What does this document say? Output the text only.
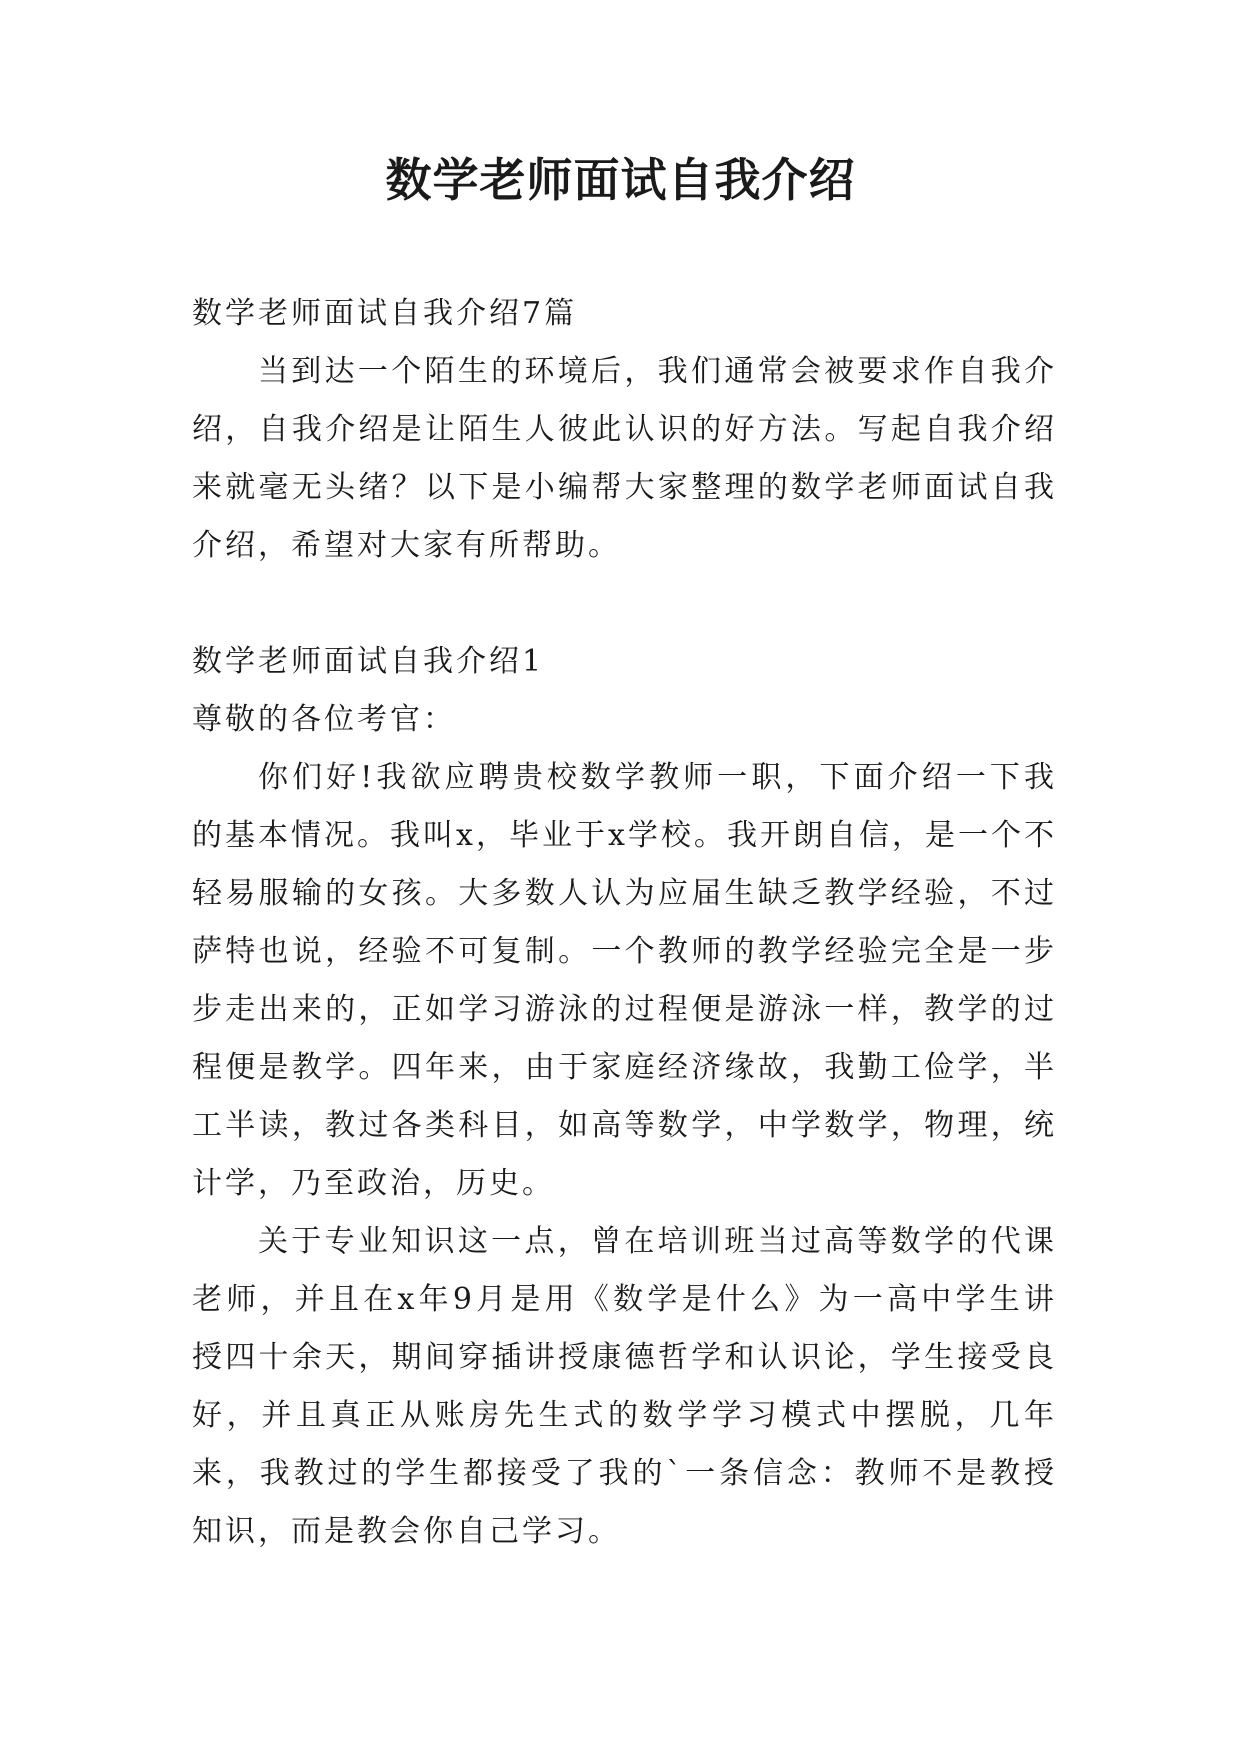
数学老师面试自我介绍

数学老师面试自我介绍7篇

当到达一个陌生的环境后，我们通常会被要求作自我介绍，自我介绍是让陌生人彼此认识的好方法。写起自我介绍来就毫无头绪？以下是小编帮大家整理的数学老师面试自我介绍，希望对大家有所帮助。

数学老师面试自我介绍1

尊敬的各位考官：

你们好!我欲应聘贵校数学教师一职，下面介绍一下我的基本情况。我叫x，毕业于x学校。我开朗自信，是一个不轻易服输的女孩。大多数人认为应届生缺乏教学经验，不过萨特也说，经验不可复制。一个教师的教学经验完全是一步步走出来的，正如学习游泳的过程便是游泳一样，教学的过程便是教学。四年来，由于家庭经济缘故，我勤工俭学，半工半读，教过各类科目，如高等数学，中学数学，物理，统计学，乃至政治，历史。

关于专业知识这一点，曾在培训班当过高等数学的代课老师，并且在x年9月是用《数学是什么》为一高中学生讲授四十余天，期间穿插讲授康德哲学和认识论，学生接受良好，并且真正从账房先生式的数学学习模式中摆脱，几年来，我教过的学生都接受了我的`一条信念：教师不是教授知识，而是教会你自己学习。
